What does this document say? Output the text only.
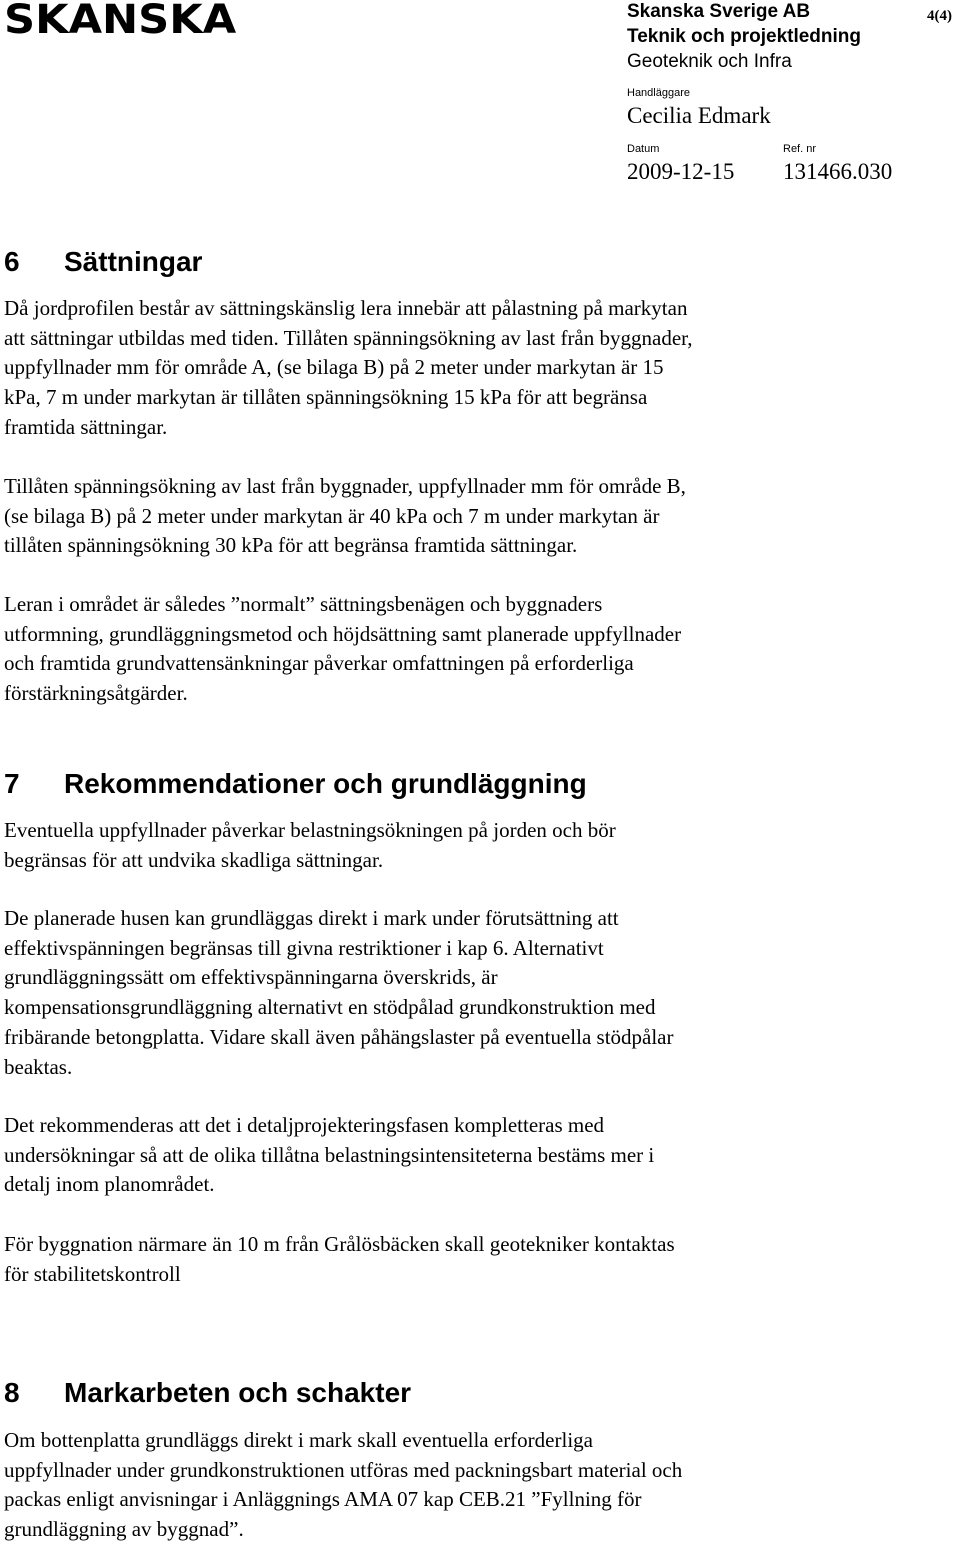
SKANSKA	Skanska Sverige AB	4(4)
Teknik och projektledning
Geoteknik och Infra
Handläggare
Cecilia Edmark
Datum	Ref. nr
2009-12-15 131466.030
6 Sättningar

Då jordprofilen består av sättningskänslig lera innebär att pålastning på markytan
att sättningar utbildas med tiden. Tillåten spänningsökning av last från byggnader,
uppfyllnader mm för område A, (se bilaga B) på 2 meter under markytan är 15
kPa, 7 m under markytan är tillåten spänningsökning 15 kPa för att begränsa
framtida sättningar.

Tillåten spänningsökning av last från byggnader, uppfyllnader mm för område B,
(se bilaga B) på 2 meter under markytan är 40 kPa och 7 m under markytan är
tillåten spänningsökning 30 kPa för att begränsa framtida sättningar.

Leran i området är således ”normalt” sättningsbenägen och byggnaders
utformning, grundläggningsmetod och höjdsättning samt planerade uppfyllnader
och framtida grundvattensänkningar påverkar omfattningen på erforderliga
förstärkningsåtgärder.

7 Rekommendationer och grundläggning

Eventuella uppfyllnader påverkar belastningsökningen på jorden och bör
begränsas för att undvika skadliga sättningar.

De planerade husen kan grundläggas direkt i mark under förutsättning att
effektivspänningen begränsas till givna restriktioner i kap 6. Alternativt
grundläggningssätt om effektivspänningarna överskrids, är
kompensationsgrundläggning alternativt en stödpålad grundkonstruktion med
fribärande betongplatta. Vidare skall även påhängslaster på eventuella stödpålar
beaktas.

Det rekommenderas att det i detaljprojekteringsfasen kompletteras med
undersökningar så att de olika tillåtna belastningsintensiteterna bestäms mer i
detalj inom planområdet.

För byggnation närmare än 10 m från Grålösbäcken skall geotekniker kontaktas
för stabilitetskontroll

8 Markarbeten och schakter

Om bottenplatta grundläggs direkt i mark skall eventuella erforderliga
uppfyllnader under grundkonstruktionen utföras med packningsbart material och
packas enligt anvisningar i Anläggnings AMA 07 kap CEB.21 ”Fyllning för
grundläggning av byggnad”.
